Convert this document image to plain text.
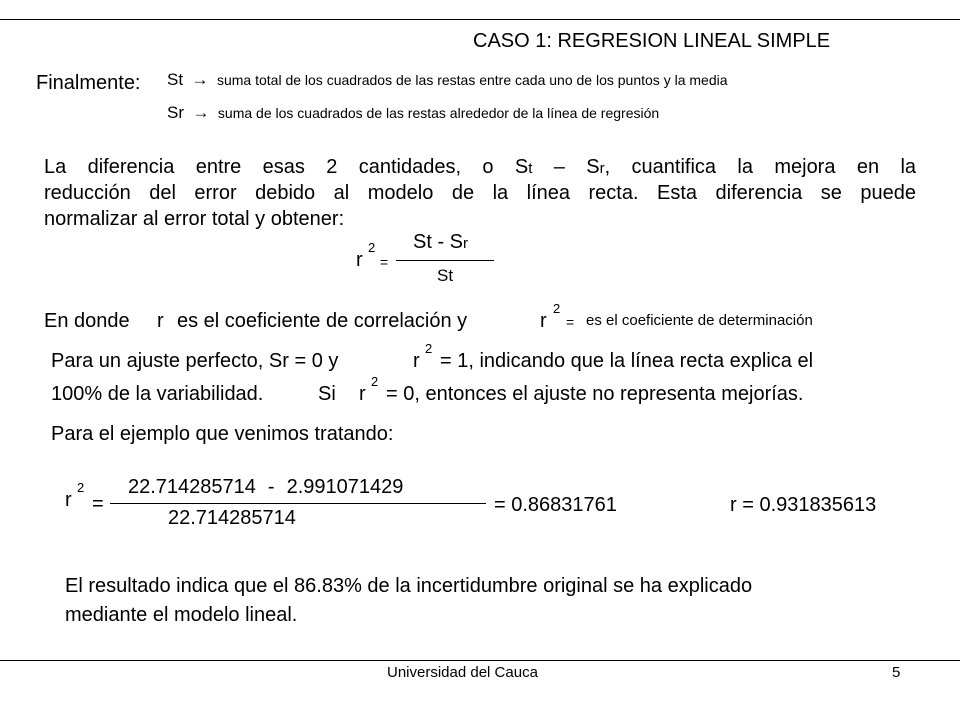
CASO 1: REGRESION LINEAL SIMPLE
Finalmente: St → suma total de los cuadrados de las restas entre cada uno de los puntos y la media
Sr → suma de los cuadrados de las restas alrededor de la línea de regresión
La diferencia entre esas 2 cantidades, o St – Sr, cuantifica la mejora en la
reducción del error debido al modelo de la línea recta. Esta diferencia se puede
normalizar al error total y obtener:
r
2
=
St - Sr
St
En donde r es el coeficiente de correlación y	r
2
= es el coeficiente de determinación
Para un ajuste perfecto, Sr = 0 y	r
2
= 1, indicando que la línea recta explica el
100% de la variabilidad.	Si r
2
= 0, entonces el ajuste no representa mejorías.
Para el ejemplo que venimos tratando:
r
2
=
22.714285714 - 2.991071429
22.714285714
= 0.86831761	r = 0.931835613
El resultado indica que el 86.83% de la incertidumbre original se ha explicado
mediante el modelo lineal.
Universidad del Cauca	5
